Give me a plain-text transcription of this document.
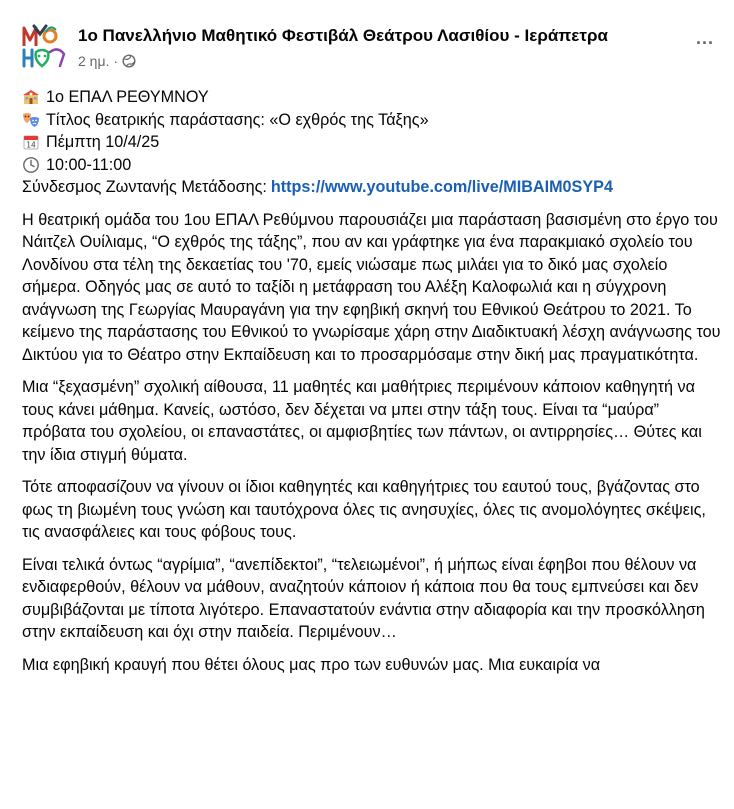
1ο Πανελλήνιο Μαθητικό Φεστιβάλ Θεάτρου Λασιθίου - Ιεράπετρα
2 ημ. ·
...
1ο ΕΠΑΛ ΡΕΘΥΜΝΟΥ
Τίτλος θεατρικής παράστασης: «Ο εχθρός της Τάξης»
14 Πέμπτη 10/4/25
10:00-11:00
Σύνδεσμος Ζωντανής Μετάδοσης: https://www.youtube.com/live/MIBAIM0SYP4

Η θεατρική ομάδα του 1ου ΕΠΑΛ Ρεθύμνου παρουσιάζει μια παράσταση βασισμένη στο έργο του Νάιτζελ Ουίλιαμς, “Ο εχθρός της τάξης”, που αν και γράφτηκε για ένα παρακμιακό σχολείο του Λονδίνου στα τέλη της δεκαετίας του '70, εμείς νιώσαμε πως μιλάει για το δικό μας σχολείο σήμερα. Οδηγός μας σε αυτό το ταξίδι η μετάφραση του Αλέξη Καλοφωλιά και η σύγχρονη ανάγνωση της Γεωργίας Μαυραγάνη για την εφηβική σκηνή του Εθνικού Θεάτρου το 2021. Το κείμενο της παράστασης του Εθνικού το γνωρίσαμε χάρη στην Διαδικτυακή λέσχη ανάγνωσης του Δικτύου για το Θέατρο στην Εκπαίδευση και το προσαρμόσαμε στην δική μας πραγματικότητα.

Μια “ξεχασμένη” σχολική αίθουσα, 11 μαθητές και μαθήτριες περιμένουν κάποιον καθηγητή να τους κάνει μάθημα. Κανείς, ωστόσο, δεν δέχεται να μπει στην τάξη τους. Είναι τα “μαύρα” πρόβατα του σχολείου, οι επαναστάτες, οι αμφισβητίες των πάντων, οι αντιρρησίες… Θύτες και την ίδια στιγμή θύματα.

Τότε αποφασίζουν να γίνουν οι ίδιοι καθηγητές και καθηγήτριες του εαυτού τους, βγάζοντας στο φως τη βιωμένη τους γνώση και ταυτόχρονα όλες τις ανησυχίες, όλες τις ανομολόγητες σκέψεις, τις ανασφάλειες και τους φόβους τους.

Είναι τελικά όντως “αγρίμια”, “ανεπίδεκτοι”, “τελειωμένοι”, ή μήπως είναι έφηβοι που θέλουν να ενδιαφερθούν, θέλουν να μάθουν, αναζητούν κάποιον ή κάποια που θα τους εμπνεύσει και δεν συμβιβάζονται με τίποτα λιγότερο. Επαναστατούν ενάντια στην αδιαφορία και την προσκόλληση στην εκπαίδευση και όχι στην παιδεία. Περιμένουν…

Μια εφηβική κραυγή που θέτει όλους μας προ των ευθυνών μας. Μια ευκαιρία να
